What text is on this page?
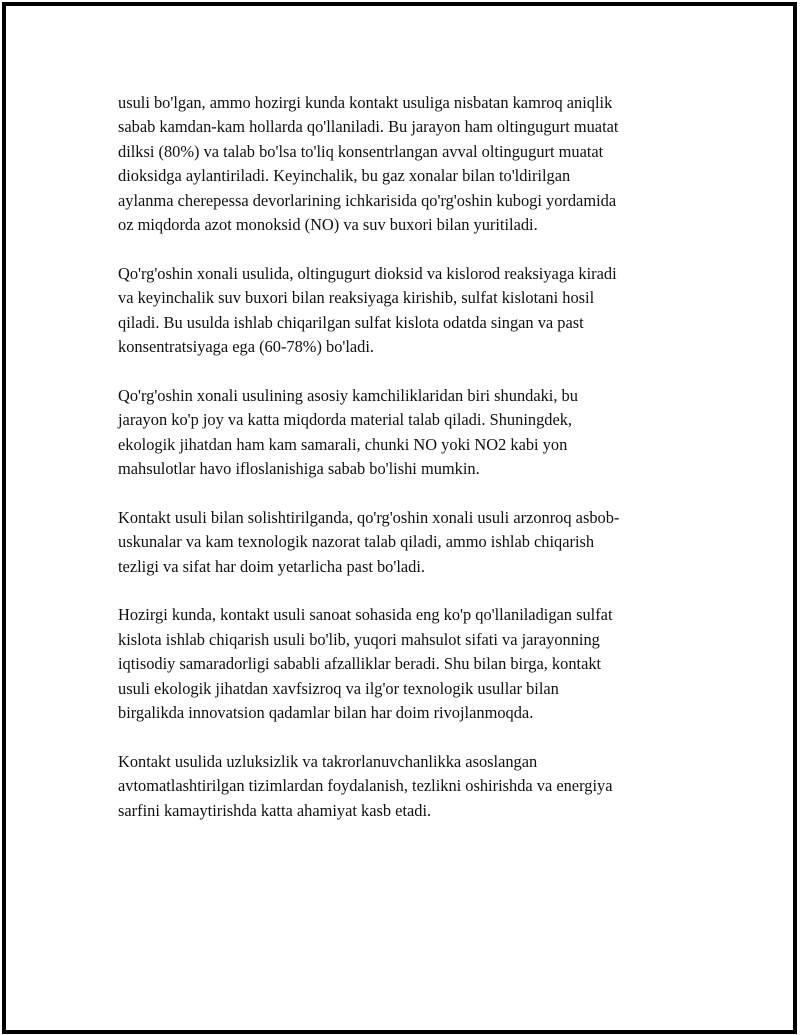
usuli bo'lgan, ammo hozirgi kunda kontakt usuliga nisbatan kamroq aniqlik
sabab kamdan-kam hollarda qo'llaniladi. Bu jarayon ham oltingugurt muatat
dilksi (80%) va talab bo'lsa to'liq konsentrlangan avval oltingugurt muatat
dioksidga aylantiriladi. Keyinchalik, bu gaz xonalar bilan to'ldirilgan
aylanma cherepessa devorlarining ichkarisida qo'rg'oshin kubogi yordamida
oz miqdorda azot monoksid (NO) va suv buxori bilan yuritiladi.

Qo'rg'oshin xonali usulida, oltingugurt dioksid va kislorod reaksiyaga kiradi
va keyinchalik suv buxori bilan reaksiyaga kirishib, sulfat kislotani hosil
qiladi. Bu usulda ishlab chiqarilgan sulfat kislota odatda singan va past
konsentratsiyaga ega (60-78%) bo'ladi.

Qo'rg'oshin xonali usulining asosiy kamchiliklaridan biri shundaki, bu
jarayon ko'p joy va katta miqdorda material talab qiladi. Shuningdek,
ekologik jihatdan ham kam samarali, chunki NO yoki NO2 kabi yon
mahsulotlar havo ifloslanishiga sabab bo'lishi mumkin.

Kontakt usuli bilan solishtirilganda, qo'rg'oshin xonali usuli arzonroq asbob-
uskunalar va kam texnologik nazorat talab qiladi, ammo ishlab chiqarish
tezligi va sifat har doim yetarlicha past bo'ladi.

Hozirgi kunda, kontakt usuli sanoat sohasida eng ko'p qo'llaniladigan sulfat
kislota ishlab chiqarish usuli bo'lib, yuqori mahsulot sifati va jarayonning
iqtisodiy samaradorligi sababli afzalliklar beradi. Shu bilan birga, kontakt
usuli ekologik jihatdan xavfsizroq va ilg'or texnologik usullar bilan
birgalikda innovatsion qadamlar bilan har doim rivojlanmoqda.

Kontakt usulida uzluksizlik va takrorlanuvchanlikka asoslangan
avtomatlashtirilgan tizimlardan foydalanish, tezlikni oshirishda va energiya
sarfini kamaytirishda katta ahamiyat kasb etadi.
